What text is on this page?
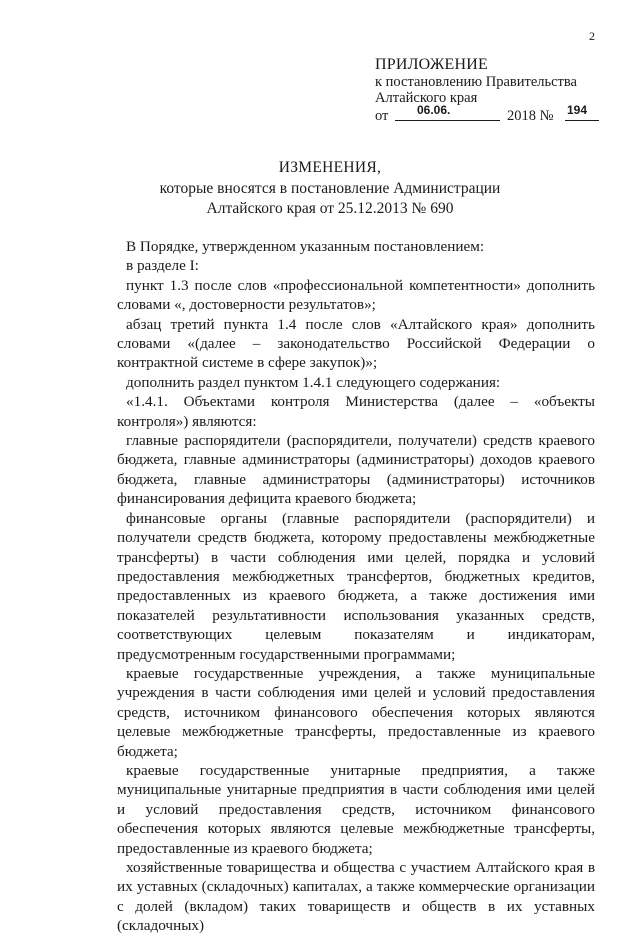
2
ПРИЛОЖЕНИЕ
к постановлению Правительства
Алтайского края
от 06.06.	2018 № 194
ИЗМЕНЕНИЯ,
которые вносятся в постановление Администрации
Алтайского края от 25.12.2013 № 690

В Порядке, утвержденном указанным постановлением:

в разделе I:

пункт 1.3 после слов «профессиональной компетентности» дополнить словами «, достоверности результатов»;

абзац третий пункта 1.4 после слов «Алтайского края» дополнить словами «(далее – законодательство Российской Федерации о контрактной системе в сфере закупок)»;

дополнить раздел пунктом 1.4.1 следующего содержания:

«1.4.1. Объектами контроля Министерства (далее – «объекты контроля») являются:

главные распорядители (распорядители, получатели) средств краевого бюджета, главные администраторы (администраторы) доходов краевого бюджета, главные администраторы (администраторы) источников финансирования дефицита краевого бюджета;

финансовые органы (главные распорядители (распорядители) и получатели средств бюджета, которому предоставлены межбюджетные трансферты) в части соблюдения ими целей, порядка и условий предоставления межбюджетных трансфертов, бюджетных кредитов, предоставленных из краевого бюджета, а также достижения ими показателей результативности использования указанных средств, соответствующих целевым показателям и индикаторам, предусмотренным государственными программами;

краевые государственные учреждения, а также муниципальные учреждения в части соблюдения ими целей и условий предоставления средств, источником финансового обеспечения которых являются целевые межбюджетные трансферты, предоставленные из краевого бюджета;

краевые государственные унитарные предприятия, а также муниципальные унитарные предприятия в части соблюдения ими целей и условий предоставления средств, источником финансового обеспечения которых являются целевые межбюджетные трансферты, предоставленные из краевого бюджета;

хозяйственные товарищества и общества с участием Алтайского края в их уставных (складочных) капиталах, а также коммерческие организации с долей (вкладом) таких товариществ и обществ в их уставных (складочных)
